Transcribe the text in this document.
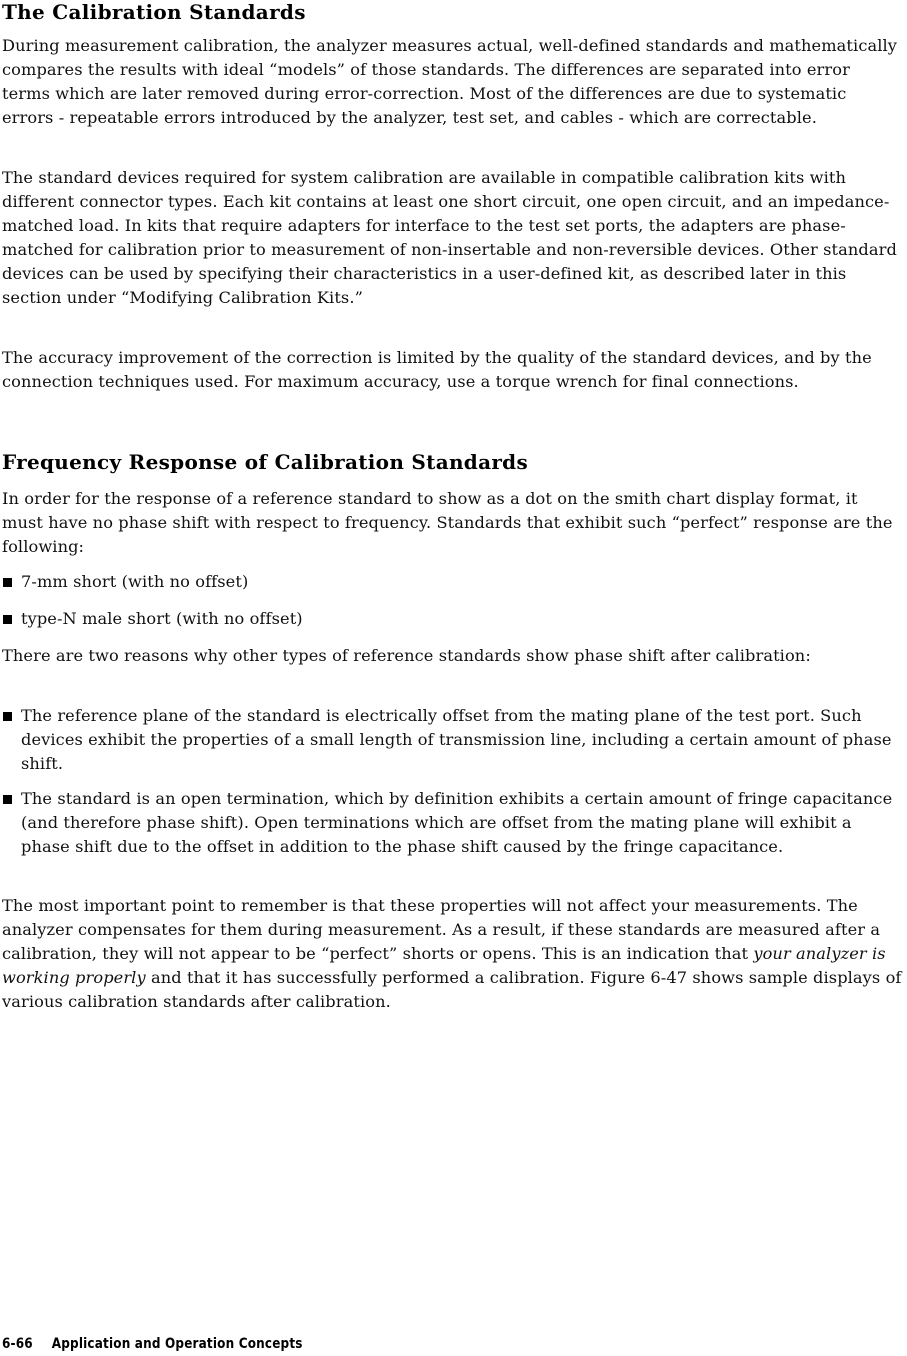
The Calibration Standards

During measurement calibration, the analyzer measures actual, well-defined standards and mathematically compares the results with ideal “models” of those standards. The differences are separated into error terms which are later removed during error-correction. Most of the differences are due to systematic errors - repeatable errors introduced by the analyzer, test set, and cables - which are correctable.

The standard devices required for system calibration are available in compatible calibration kits with different connector types. Each kit contains at least one short circuit, one open circuit, and an impedance-matched load. In kits that require adapters for interface to the test set ports, the adapters are phase-matched for calibration prior to measurement of non-insertable and non-reversible devices. Other standard devices can be used by specifying their characteristics in a user-defined kit, as described later in this section under “Modifying Calibration Kits.”

The accuracy improvement of the correction is limited by the quality of the standard devices, and by the connection techniques used. For maximum accuracy, use a torque wrench for final connections.

Frequency Response of Calibration Standards

In order for the response of a reference standard to show as a dot on the smith chart display format, it must have no phase shift with respect to frequency. Standards that exhibit such “perfect” response are the following:

7-mm short (with no offset)
type-N male short (with no offset)

There are two reasons why other types of reference standards show phase shift after calibration:

The reference plane of the standard is electrically offset from the mating plane of the test port. Such devices exhibit the properties of a small length of transmission line, including a certain amount of phase shift.
The standard is an open termination, which by definition exhibits a certain amount of fringe capacitance (and therefore phase shift). Open terminations which are offset from the mating plane will exhibit a phase shift due to the offset in addition to the phase shift caused by the fringe capacitance.

The most important point to remember is that these properties will not affect your measurements. The analyzer compensates for them during measurement. As a result, if these standards are measured after a calibration, they will not appear to be “perfect” shorts or opens. This is an indication that your analyzer is working properly and that it has successfully performed a calibration. Figure 6-47 shows sample displays of various calibration standards after calibration.

6-66 Application and Operation Concepts
